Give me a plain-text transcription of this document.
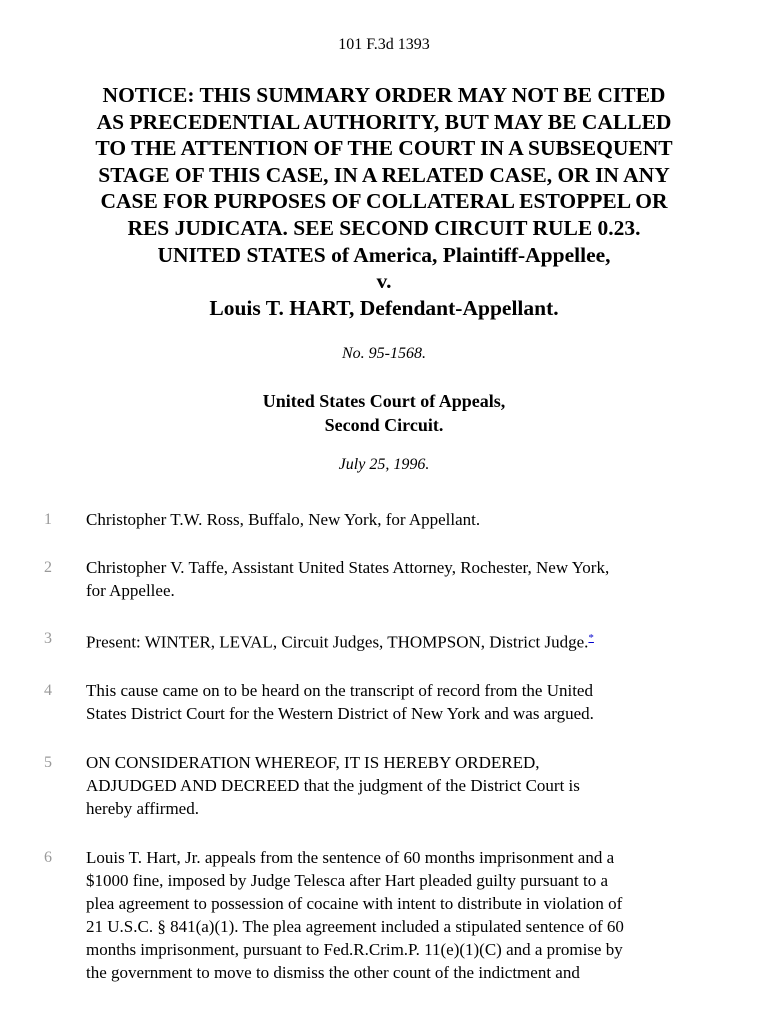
101 F.3d 1393
NOTICE: THIS SUMMARY ORDER MAY NOT BE CITED
AS PRECEDENTIAL AUTHORITY, BUT MAY BE CALLED
TO THE ATTENTION OF THE COURT IN A SUBSEQUENT
STAGE OF THIS CASE, IN A RELATED CASE, OR IN ANY
CASE FOR PURPOSES OF COLLATERAL ESTOPPEL OR
RES JUDICATA. SEE SECOND CIRCUIT RULE 0.23.
UNITED STATES of America, Plaintiff-Appellee,
v.
Louis T. HART, Defendant-Appellant.
No. 95-1568.
United States Court of Appeals,
Second Circuit.
July 25, 1996.
1 Christopher T.W. Ross, Buffalo, New York, for Appellant.
2 Christopher V. Taffe, Assistant United States Attorney, Rochester, New York,
for Appellee.
3 Present: WINTER, LEVAL, Circuit Judges, THOMPSON, District Judge.*
4 This cause came on to be heard on the transcript of record from the United
States District Court for the Western District of New York and was argued.
5 ON CONSIDERATION WHEREOF, IT IS HEREBY ORDERED,
ADJUDGED AND DECREED that the judgment of the District Court is
hereby affirmed.
6 Louis T. Hart, Jr. appeals from the sentence of 60 months imprisonment and a
$1000 fine, imposed by Judge Telesca after Hart pleaded guilty pursuant to a
plea agreement to possession of cocaine with intent to distribute in violation of
21 U.S.C. § 841(a)(1). The plea agreement included a stipulated sentence of 60
months imprisonment, pursuant to Fed.R.Crim.P. 11(e)(1)(C) and a promise by
the government to move to dismiss the other count of the indictment and
